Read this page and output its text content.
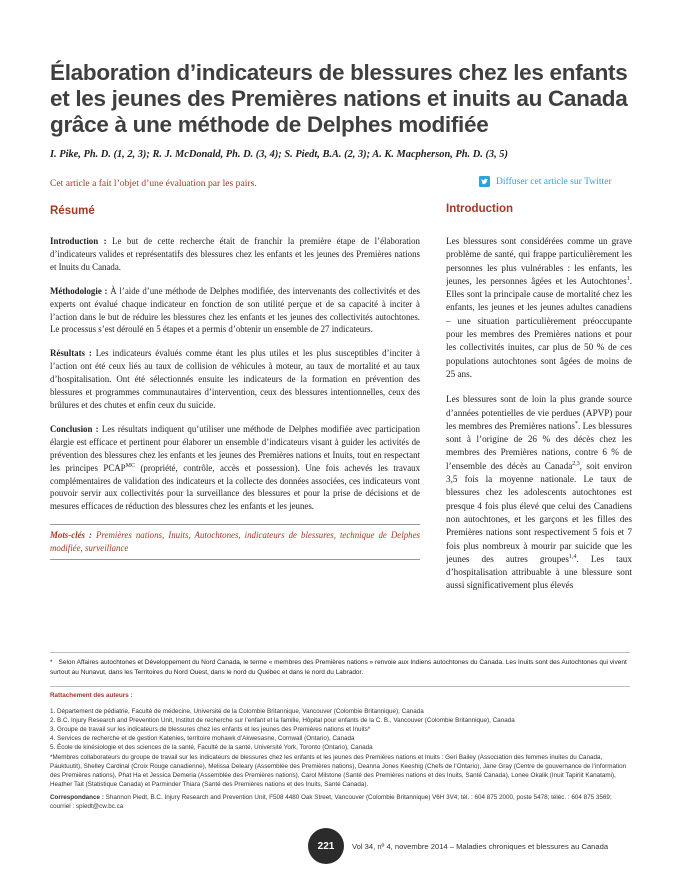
Élaboration d’indicateurs de blessures chez les enfants et les jeunes des Premières nations et inuits au Canada grâce à une méthode de Delphes modifiée
I. Pike, Ph. D. (1, 2, 3); R. J. McDonald, Ph. D. (3, 4); S. Piedt, B.A. (2, 3); A. K. Macpherson, Ph. D. (3, 5)
Cet article a fait l’objet d’une évaluation par les pairs.	Diffuser cet article sur Twitter
Résumé	Introduction

Introduction : Le but de cette recherche était de franchir la première étape de l’élaboration d’indicateurs valides et représentatifs des blessures chez les enfants et les jeunes des Premières nations et Inuits du Canada.

Méthodologie : À l’aide d’une méthode de Delphes modifiée, des intervenants des collectivités et des experts ont évalué chaque indicateur en fonction de son utilité perçue et de sa capacité à inciter à l’action dans le but de réduire les blessures chez les enfants et les jeunes des collectivités autochtones. Le processus s’est déroulé en 5 étapes et a permis d’obtenir un ensemble de 27 indicateurs.

Résultats : Les indicateurs évalués comme étant les plus utiles et les plus susceptibles d’inciter à l’action ont été ceux liés au taux de collision de véhicules à moteur, au taux de mortalité et au taux d’hospitalisation. Ont été sélectionnés ensuite les indicateurs de la formation en prévention des blessures et programmes communautaires d’intervention, ceux des blessures intentionnelles, ceux des brûlures et des chutes et enfin ceux du suicide.

Conclusion : Les résultats indiquent qu’utiliser une méthode de Delphes modifiée avec participation élargie est efficace et pertinent pour élaborer un ensemble d’indicateurs visant à guider les activités de prévention des blessures chez les enfants et les jeunes des Premières nations et Inuits, tout en respectant les principes $PCAP^{MC}$ (propriété, contrôle, accès et possession). Une fois achevés les travaux complémentaires de validation des indicateurs et la collecte des données associées, ces indicateurs vont pouvoir servir aux collectivités pour la surveillance des blessures et pour la prise de décisions et de mesures efficaces de réduction des blessures chez les enfants et les jeunes.

Mots-clés : Premières nations, Inuits, Autochtones, indicateurs de blessures, technique de Delphes modifiée, surveillance

Les blessures sont considérées comme un grave problème de santé, qui frappe particulièrement les personnes les plus vulnérables : les enfants, les jeunes, les personnes âgées et les Autochtones$^1$. Elles sont la principale cause de mortalité chez les enfants, les jeunes et les jeunes adultes canadiens – une situation particulièrement préoccupante pour les membres des Premières nations et pour les collectivités inuites, car plus de 50 % de ces populations autochtones sont âgées de moins de 25 ans.

Les blessures sont de loin la plus grande source d’années potentielles de vie perdues (APVP) pour les membres des Premières nations*. Les blessures sont à l’origine de 26 % des décès chez les membres des Premières nations, contre 6 % de l’ensemble des décès au Canada$^{2,3}$, soit environ 3,5 fois la moyenne nationale. Le taux de blessures chez les adolescents autochtones est presque 4 fois plus élevé que celui des Canadiens non autochtones, et les garçons et les filles des Premières nations sont respectivement 5 fois et 7 fois plus nombreux à mourir par suicide que les jeunes des autres groupes$^{1,4}$. Les taux d’hospitalisation attribuable à une blessure sont aussi significativement plus élevés

* Selon Affaires autochtones et Développement du Nord Canada, le terme « membres des Premières nations » renvoie aux Indiens autochtones du Canada. Les Inuits sont des Autochtones qui vivent surtout au Nunavut, dans les Territoires du Nord Ouest, dans le nord du Québec et dans le nord du Labrador.
Rattachement des auteurs :
1. Département de pédiatrie, Faculté de médecine, Université de la Colombie Britannique, Vancouver (Colombie Britannique), Canada
2. B.C. Injury Research and Prevention Unit, Institut de recherche sur l’enfant et la famille, Hôpital pour enfants de la C. B., Vancouver (Colombie Britannique), Canada
3. Groupe de travail sur les indicateurs de blessures chez les enfants et les jeunes des Premières nations et Inuits*
4. Services de recherche et de gestion Katenies, territoire mohawk d’Akwesasne, Cornwall (Ontario), Canada
5. École de kinésiologie et des sciences de la santé, Faculté de la santé, Université York, Toronto (Ontario), Canada
*Membres collaborateurs du groupe de travail sur les indicateurs de blessures chez les enfants et les jeunes des Premières nations et Inuits : Geri Bailey (Association des femmes inuites du Canada, Pauktuutit), Shelley Cardinal (Croix Rouge canadienne), Melissa Deleary (Assemblée des Premières nations), Deanna Jones Keeshig (Chefs de l’Ontario), Jane Gray (Centre de gouvernance de l’information des Premières nations), Phat Ha et Jessica Demeria (Assemblée des Premières nations), Carol Milstone (Santé des Premières nations et des Inuits, Santé Canada), Lonee Okalik (Inuit Tapiriit Kanatami), Heather Tait (Statistique Canada) et Parminder Thiara (Santé des Premières nations et des Inuits, Santé Canada).
Correspondance : Shannon Piedt, B.C. Injury Research and Prevention Unit, F508 4480 Oak Street, Vancouver (Colombie Britannique) V6H 3V4; tél. : 604 875 2000, poste 5478; téléc. : 604 875 3569; courriel : spiedt@cw.bc.ca
221	Vol 34, nº 4, novembre 2014 – Maladies chroniques et blessures au Canada
